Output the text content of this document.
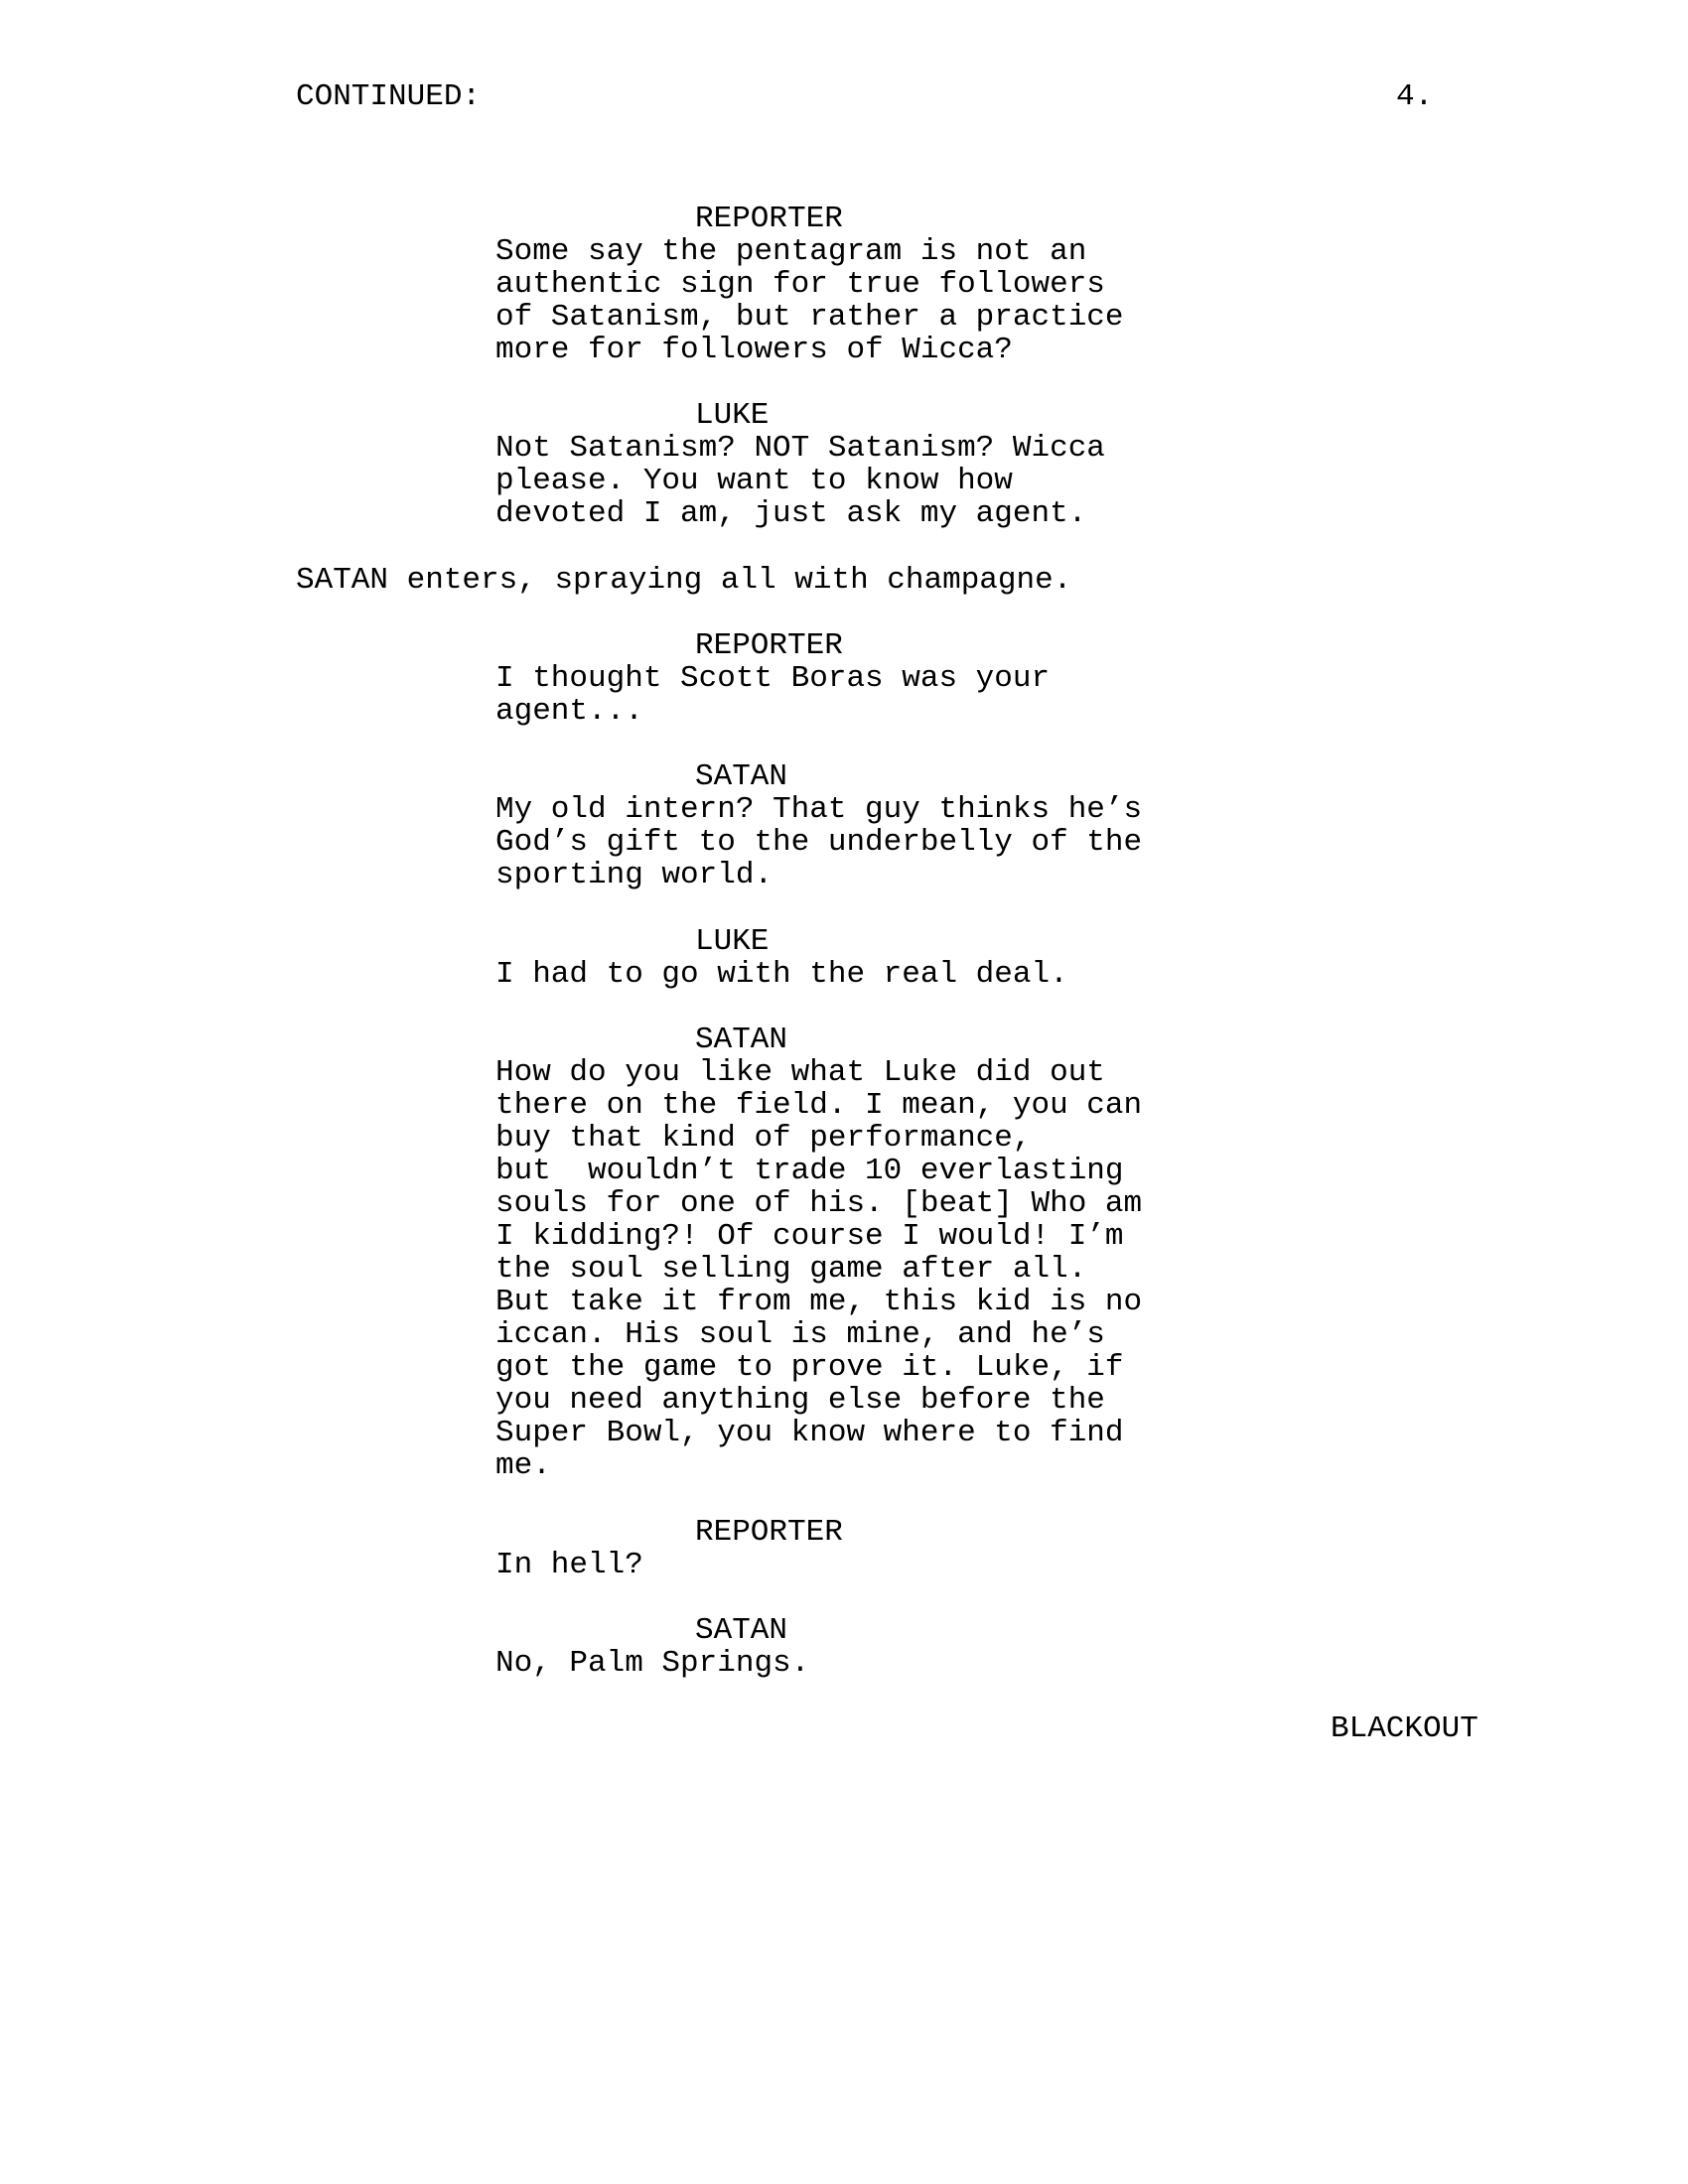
CONTINUED:	4.
REPORTER
Some say the pentagram is not an
authentic sign for true followers
of Satanism, but rather a practice
more for followers of Wicca?
LUKE
Not Satanism? NOT Satanism? Wicca
please. You want to know how
devoted I am, just ask my agent.
SATAN enters, spraying all with champagne.
REPORTER
I thought Scott Boras was your
agent...
SATAN
My old intern? That guy thinks he’s
God’s gift to the underbelly of the
sporting world.
LUKE
I had to go with the real deal.
SATAN
How do you like what Luke did out
there on the field. I mean, you can
buy that kind of performance,
but  wouldn’t trade 10 everlasting
souls for one of his. [beat] Who am
I kidding?! Of course I would! I’m
the soul selling game after all.
But take it from me, this kid is no
iccan. His soul is mine, and he’s
got the game to prove it. Luke, if
you need anything else before the
Super Bowl, you know where to find
me.
REPORTER
In hell?
SATAN
No, Palm Springs.
BLACKOUT
